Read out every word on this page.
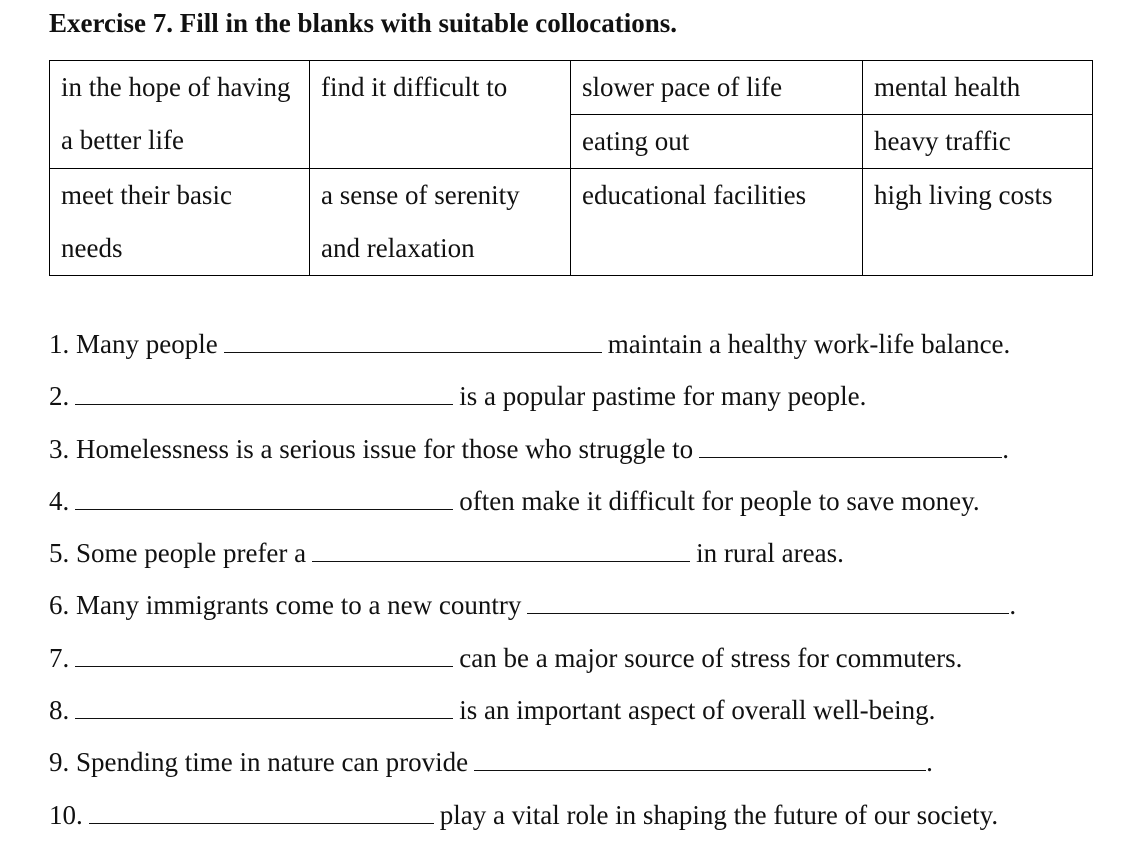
Exercise 7. Fill in the blanks with suitable collocations.
in the hope of having a better life	find it difficult to	slower pace of life	mental health

		eating out	heavy traffic

meet their basic needs	a sense of serenity and relaxation	educational facilities	high living costs
1. Many people	maintain a healthy work-life balance.
2.	is a popular pastime for many people.
3. Homelessness is a serious issue for those who struggle to	.
4.	often make it difficult for people to save money.
5. Some people prefer a	in rural areas.
6. Many immigrants come to a new country	.
7.	can be a major source of stress for commuters.
8.	is an important aspect of overall well-being.
9. Spending time in nature can provide	.
10.	play a vital role in shaping the future of our society.
